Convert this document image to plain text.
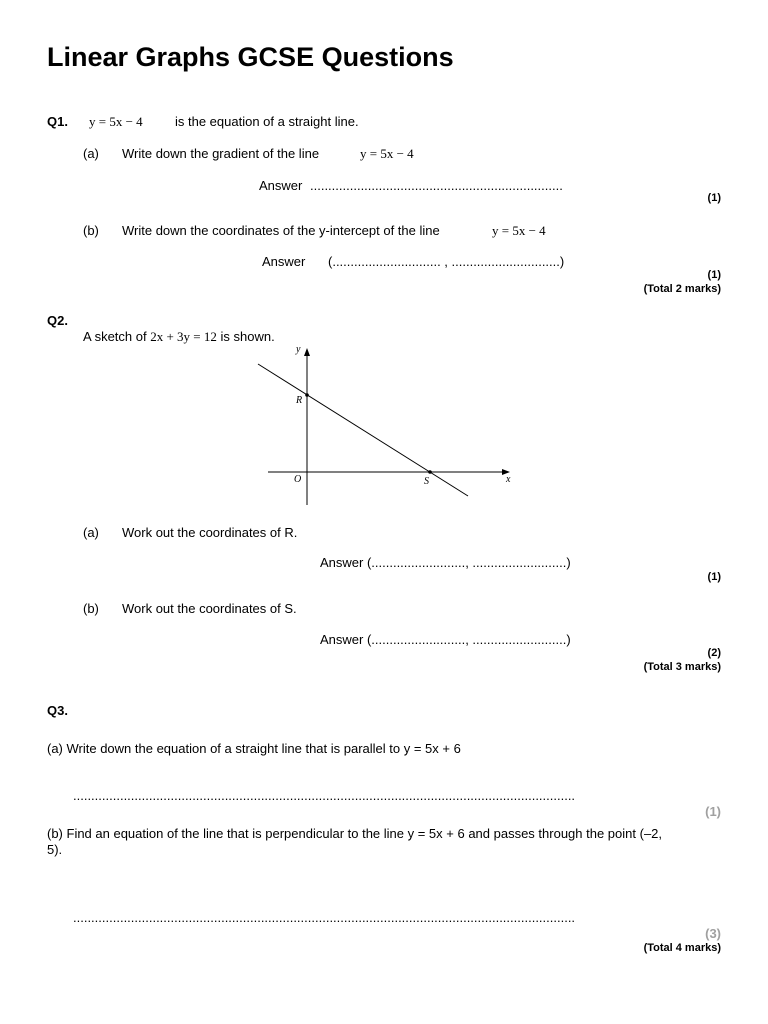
Linear Graphs GCSE Questions
Q1. y = 5x − 4 is the equation of a straight line.
(a) Write down the gradient of the line	y = 5x − 4
Answer ......................................................................
(1)
(b) Write down the coordinates of the y-intercept of the line	y = 5x − 4
Answer (.............................. , ..............................)
(1)
(Total 2 marks)
Q2.
A sketch of 2x + 3y = 12 is shown.
y
x
O
R
S
(a) Work out the coordinates of R.
Answer (.........................., ..........................)
(1)
(b) Work out the coordinates of S.
Answer (.........................., ..........................)
(2)
(Total 3 marks)
Q3.
(a) Write down the equation of a straight line that is parallel to y = 5x + 6
...........................................................................................................................................
(1)
(b) Find an equation of the line that is perpendicular to the line y = 5x + 6 and passes through the point (–2,
5).
...........................................................................................................................................
(3)
(Total 4 marks)
